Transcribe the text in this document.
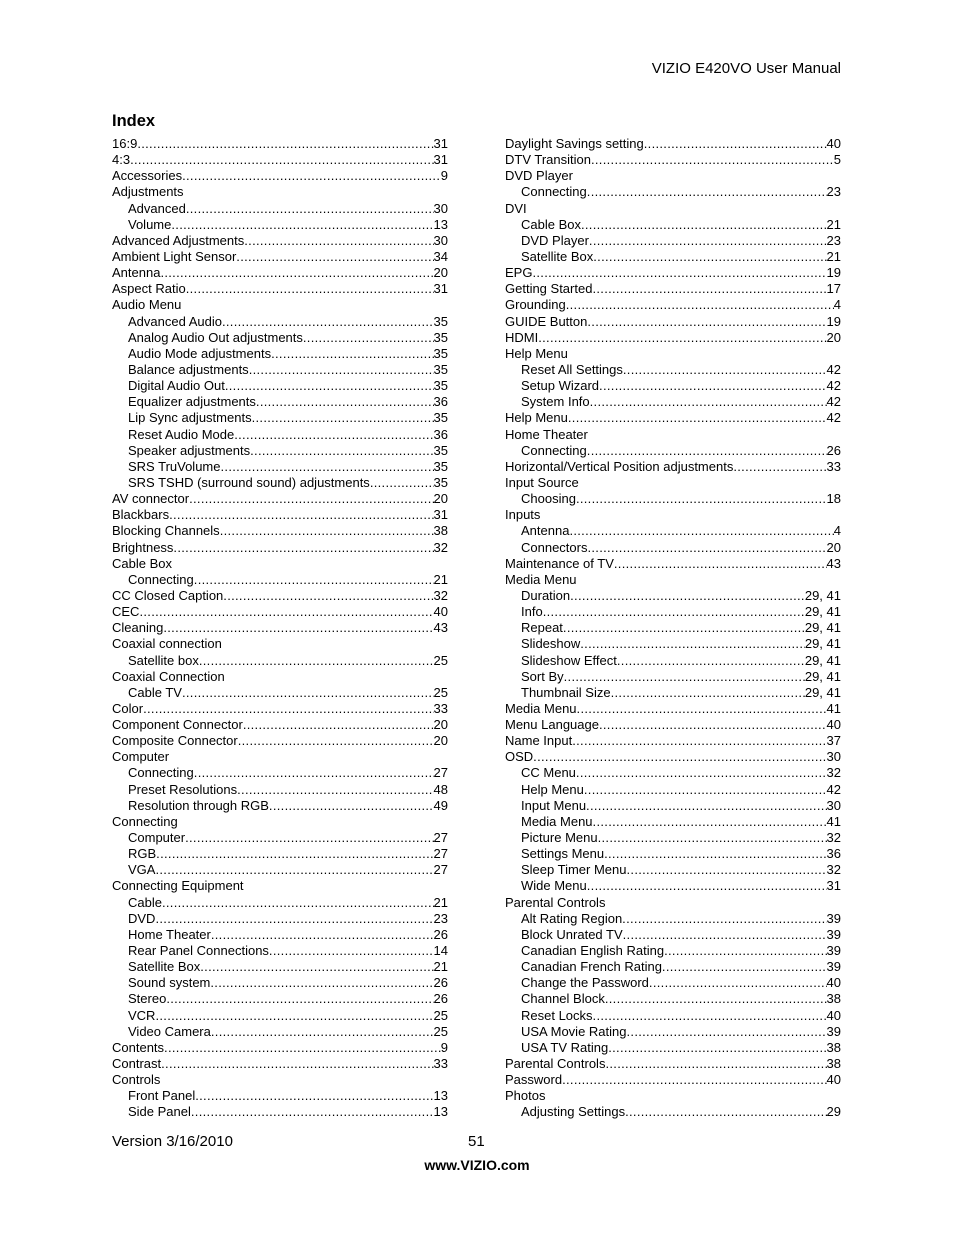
VIZIO E420VO User Manual
Index
16:9 .....	31
4:3 .....	31
Accessories .....	9
Adjustments
Advanced .....	30
Volume .....	13
Advanced Adjustments .....	30
Ambient Light Sensor .....	34
Antenna .....	20
Aspect Ratio .....	31
Audio Menu
Advanced Audio .....	35
Analog Audio Out adjustments .....	35
Audio Mode adjustments .....	35
Balance adjustments .....	35
Digital Audio Out .....	35
Equalizer adjustments .....	36
Lip Sync adjustments .....	35
Reset Audio Mode .....	36
Speaker adjustments .....	35
SRS TruVolume .....	35
SRS TSHD (surround sound) adjustments .....	35
AV connector .....	20
Blackbars .....	31
Blocking Channels .....	38
Brightness .....	32
Cable Box
Connecting .....	21
CC Closed Caption .....	32
CEC .....	40
Cleaning .....	43
Coaxial connection
Satellite box .....	25
Coaxial Connection
Cable TV .....	25
Color .....	33
Component Connector .....	20
Composite Connector .....	20
Computer
Connecting .....	27
Preset Resolutions .....	48
Resolution through RGB .....	49
Connecting
Computer .....	27
RGB .....	27
VGA .....	27
Connecting Equipment
Cable .....	21
DVD .....	23
Home Theater .....	26
Rear Panel Connections .....	14
Satellite Box .....	21
Sound system .....	26
Stereo .....	26
VCR .....	25
Video Camera .....	25
Contents .....	9
Contrast .....	33
Controls
Front Panel .....	13
Side Panel .....	13
Daylight Savings setting .....	40
DTV Transition .....	5
DVD Player
Connecting .....	23
DVI
Cable Box .....	21
DVD Player .....	23
Satellite Box .....	21
EPG .....	19
Getting Started .....	17
Grounding .....	4
GUIDE Button .....	19
HDMI .....	20
Help Menu
Reset All Settings .....	42
Setup Wizard .....	42
System Info .....	42
Help Menu .....	42
Home Theater
Connecting .....	26
Horizontal/Vertical Position adjustments .....	33
Input Source
Choosing .....	18
Inputs
Antenna .....	4
Connectors .....	20
Maintenance of TV .....	43
Media Menu
Duration .....	29, 41
Info .....	29, 41
Repeat .....	29, 41
Slideshow .....	29, 41
Slideshow Effect .....	29, 41
Sort By .....	29, 41
Thumbnail Size .....	29, 41
Media Menu .....	41
Menu Language .....	40
Name Input .....	37
OSD .....	30
CC Menu .....	32
Help Menu .....	42
Input Menu .....	30
Media Menu .....	41
Picture Menu .....	32
Settings Menu .....	36
Sleep Timer Menu .....	32
Wide Menu .....	31
Parental Controls
Alt Rating Region .....	39
Block Unrated TV .....	39
Canadian English Rating .....	39
Canadian French Rating .....	39
Change the Password .....	40
Channel Block .....	38
Reset Locks .....	40
USA Movie Rating .....	39
USA TV Rating .....	38
Parental Controls .....	38
Password .....	40
Photos
Adjusting Settings .....	29
Version 3/16/2010	51
www.VIZIO.com
